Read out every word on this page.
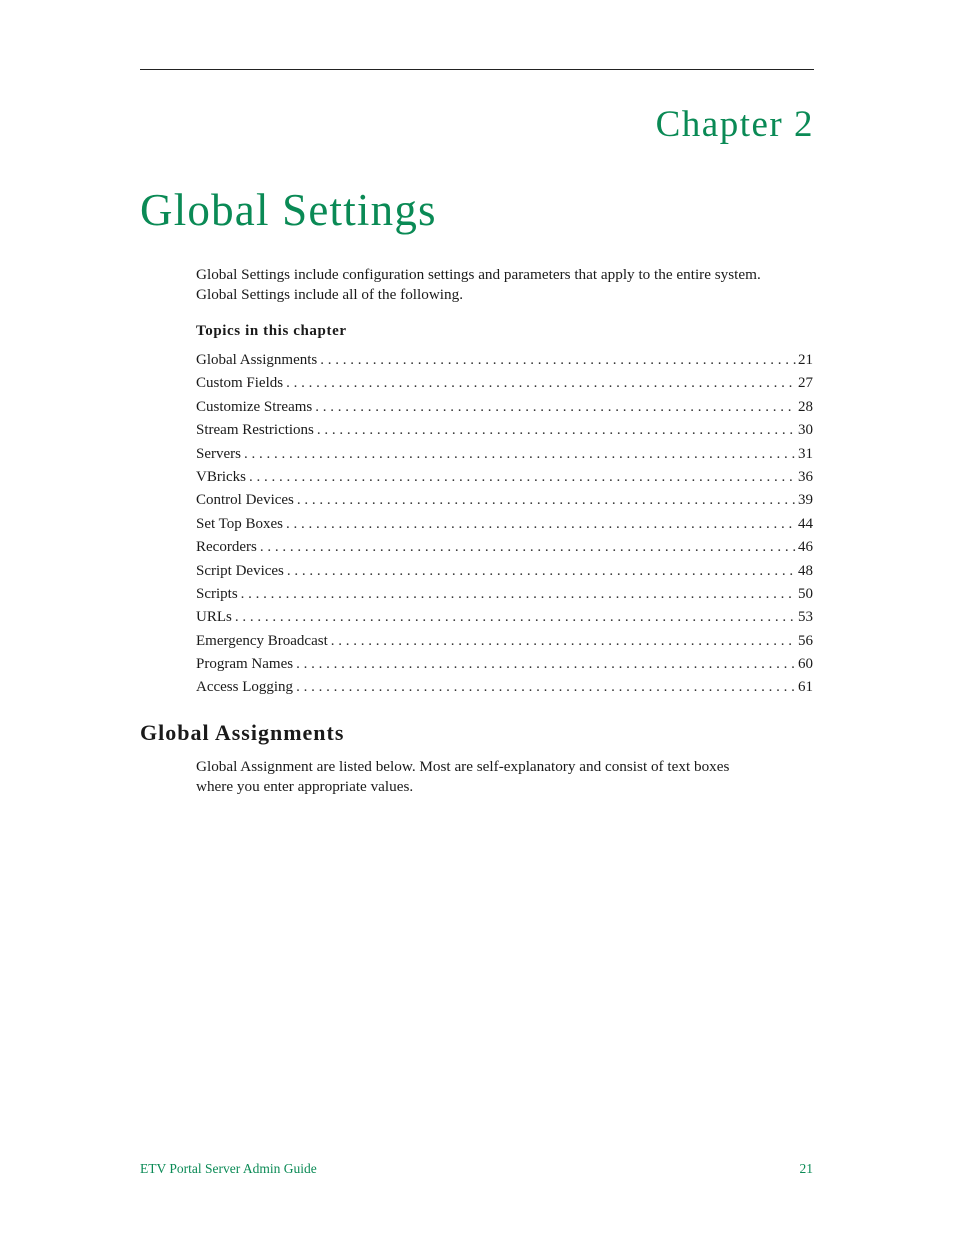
Chapter 2
Global Settings

Global Settings include configuration settings and parameters that apply to the entire system.
Global Settings include all of the following.

Topics in this chapter
Global Assignments . . .	21
Custom Fields . . .	27
Customize Streams . . .	28
Stream Restrictions . . .	30
Servers . . .	31
VBricks . . .	36
Control Devices . . .	39
Set Top Boxes . . .	44
Recorders . . .	46
Script Devices . . .	48
Scripts . . .	50
URLs . . .	53
Emergency Broadcast . . .	56
Program Names . . .	60
Access Logging . . .	61
Global Assignments

Global Assignment are listed below. Most are self-explanatory and consist of text boxes
where you enter appropriate values.

ETV Portal Server Admin Guide	21
